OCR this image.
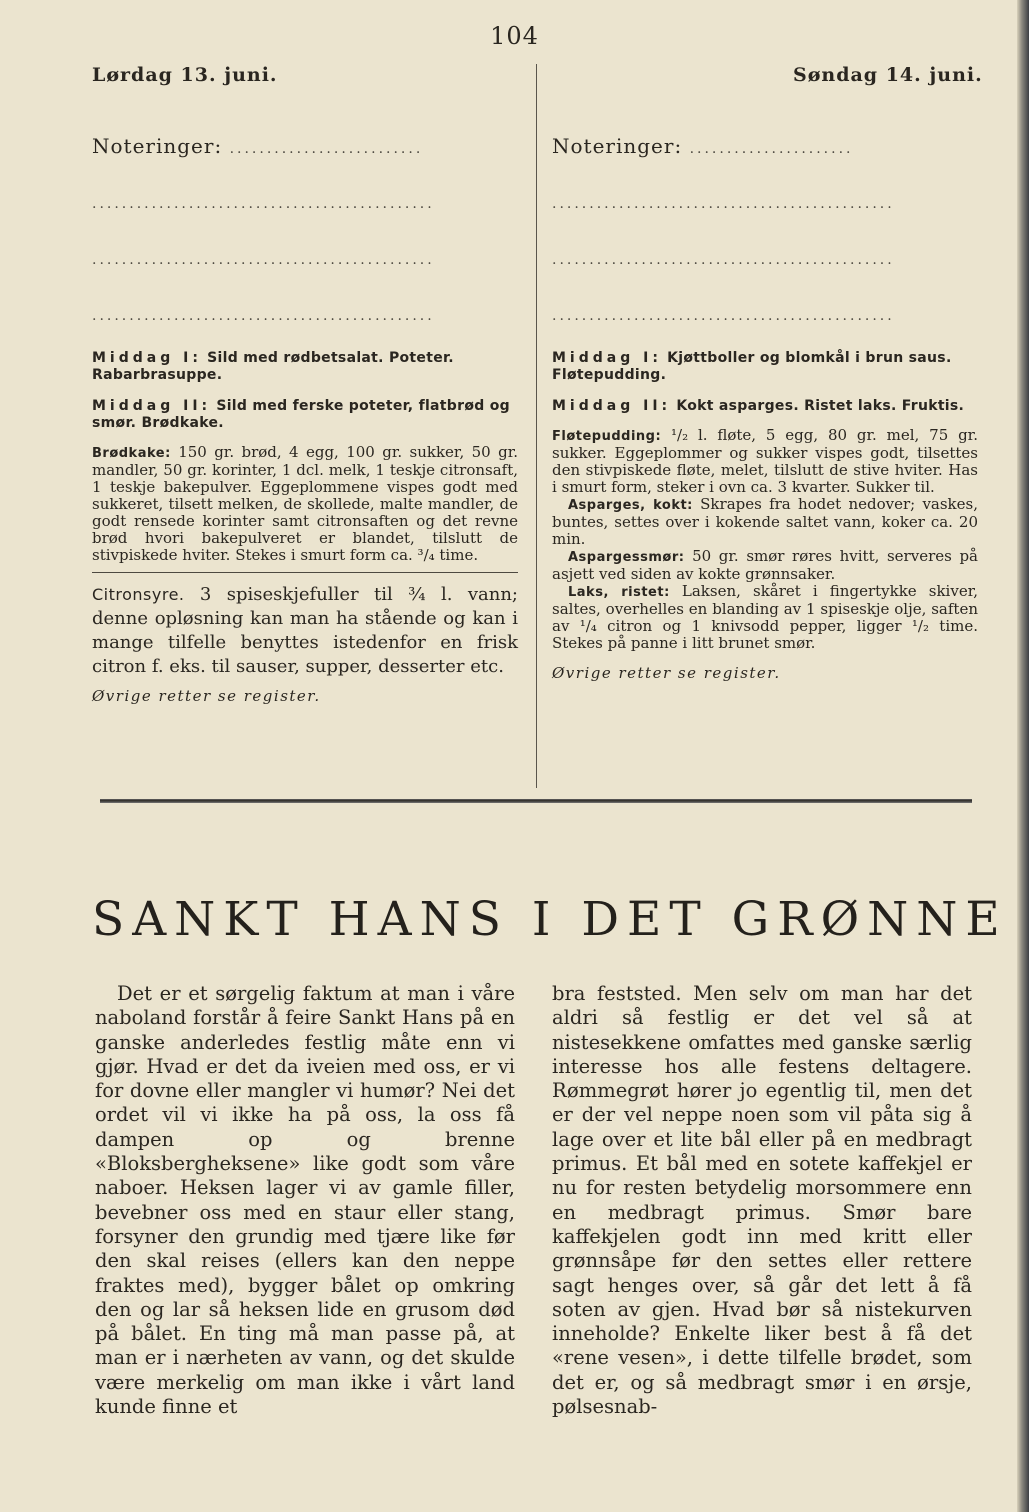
104
Lørdag 13. juni.	Søndag 14. juni.
Noteringer: ..........................
..............................................
..............................................
..............................................
Middag I: Sild med rødbetsalat. Poteter. Rabarbrasuppe.
Middag II: Sild med ferske poteter, flatbrød og smør. Brødkake.
Brødkake: 150 gr. brød, 4 egg, 100 gr. sukker, 50 gr. mandler, 50 gr. korinter, 1 dcl. melk, 1 teskje citronsaft, 1 teskje bakepulver. Eggeplommene vispes godt med sukkeret, tilsett melken, de skollede, malte mandler, de godt rensede korinter samt citronsaften og det revne brød hvori bakepulveret er blandet, tilslutt de stivpiskede hviter. Stekes i smurt form ca. ³/₄ time.
Citronsyre. 3 spiseskjefuller til ¾ l. vann; denne opløsning kan man ha stående og kan i mange tilfelle benyttes istedenfor en frisk citron f. eks. til sauser, supper, desserter etc.
Øvrige retter se register.
Noteringer: ......................
..............................................
..............................................
..............................................
Middag I: Kjøttboller og blomkål i brun saus. Fløtepudding.
Middag II: Kokt asparges. Ristet laks. Fruktis.
Fløtepudding: ¹/₂ l. fløte, 5 egg, 80 gr. mel, 75 gr. sukker. Eggeplommer og sukker vispes godt, tilsettes den stivpiskede fløte, melet, tilslutt de stive hviter. Has i smurt form, steker i ovn ca. 3 kvarter. Sukker til.
Asparges, kokt: Skrapes fra hodet nedover; vaskes, buntes, settes over i kokende saltet vann, koker ca. 20 min.
Aspargessmør: 50 gr. smør røres hvitt, serveres på asjett ved siden av kokte grønnsaker.
Laks, ristet: Laksen, skåret i fingertykke skiver, saltes, overhelles en blanding av 1 spiseskje olje, saften av ¹/₄ citron og 1 knivsodd pepper, ligger ¹/₂ time. Stekes på panne i litt brunet smør.
Øvrige retter se register.
SANKT HANS I DET GRØNNE
Det er et sørgelig faktum at man i våre naboland forstår å feire Sankt Hans på en ganske anderledes festlig måte enn vi gjør. Hvad er det da iveien med oss, er vi for dovne eller mangler vi humør? Nei det ordet vil vi ikke ha på oss, la oss få dampen op og brenne «Bloksbergheksene» like godt som våre naboer. Heksen lager vi av gamle filler, bevebner oss med en staur eller stang, forsyner den grundig med tjære like før den skal reises (ellers kan den neppe fraktes med), bygger bålet op omkring den og lar så heksen lide en grusom død på bålet. En ting må man passe på, at man er i nærheten av vann, og det skulde være merkelig om man ikke i vårt land kunde finne et
bra feststed. Men selv om man har det aldri så festlig er det vel så at nistesekkene omfattes med ganske særlig interesse hos alle festens deltagere. Rømmegrøt hører jo egentlig til, men det er der vel neppe noen som vil påta sig å lage over et lite bål eller på en medbragt primus. Et bål med en sotete kaffekjel er nu for resten betydelig morsommere enn en medbragt primus. Smør bare kaffekjelen godt inn med kritt eller grønnsåpe før den settes eller rettere sagt henges over, så går det lett å få soten av gjen. Hvad bør så nistekurven inneholde? Enkelte liker best å få det «rene vesen», i dette tilfelle brødet, som det er, og så medbragt smør i en ørsje, pølsesnab-
